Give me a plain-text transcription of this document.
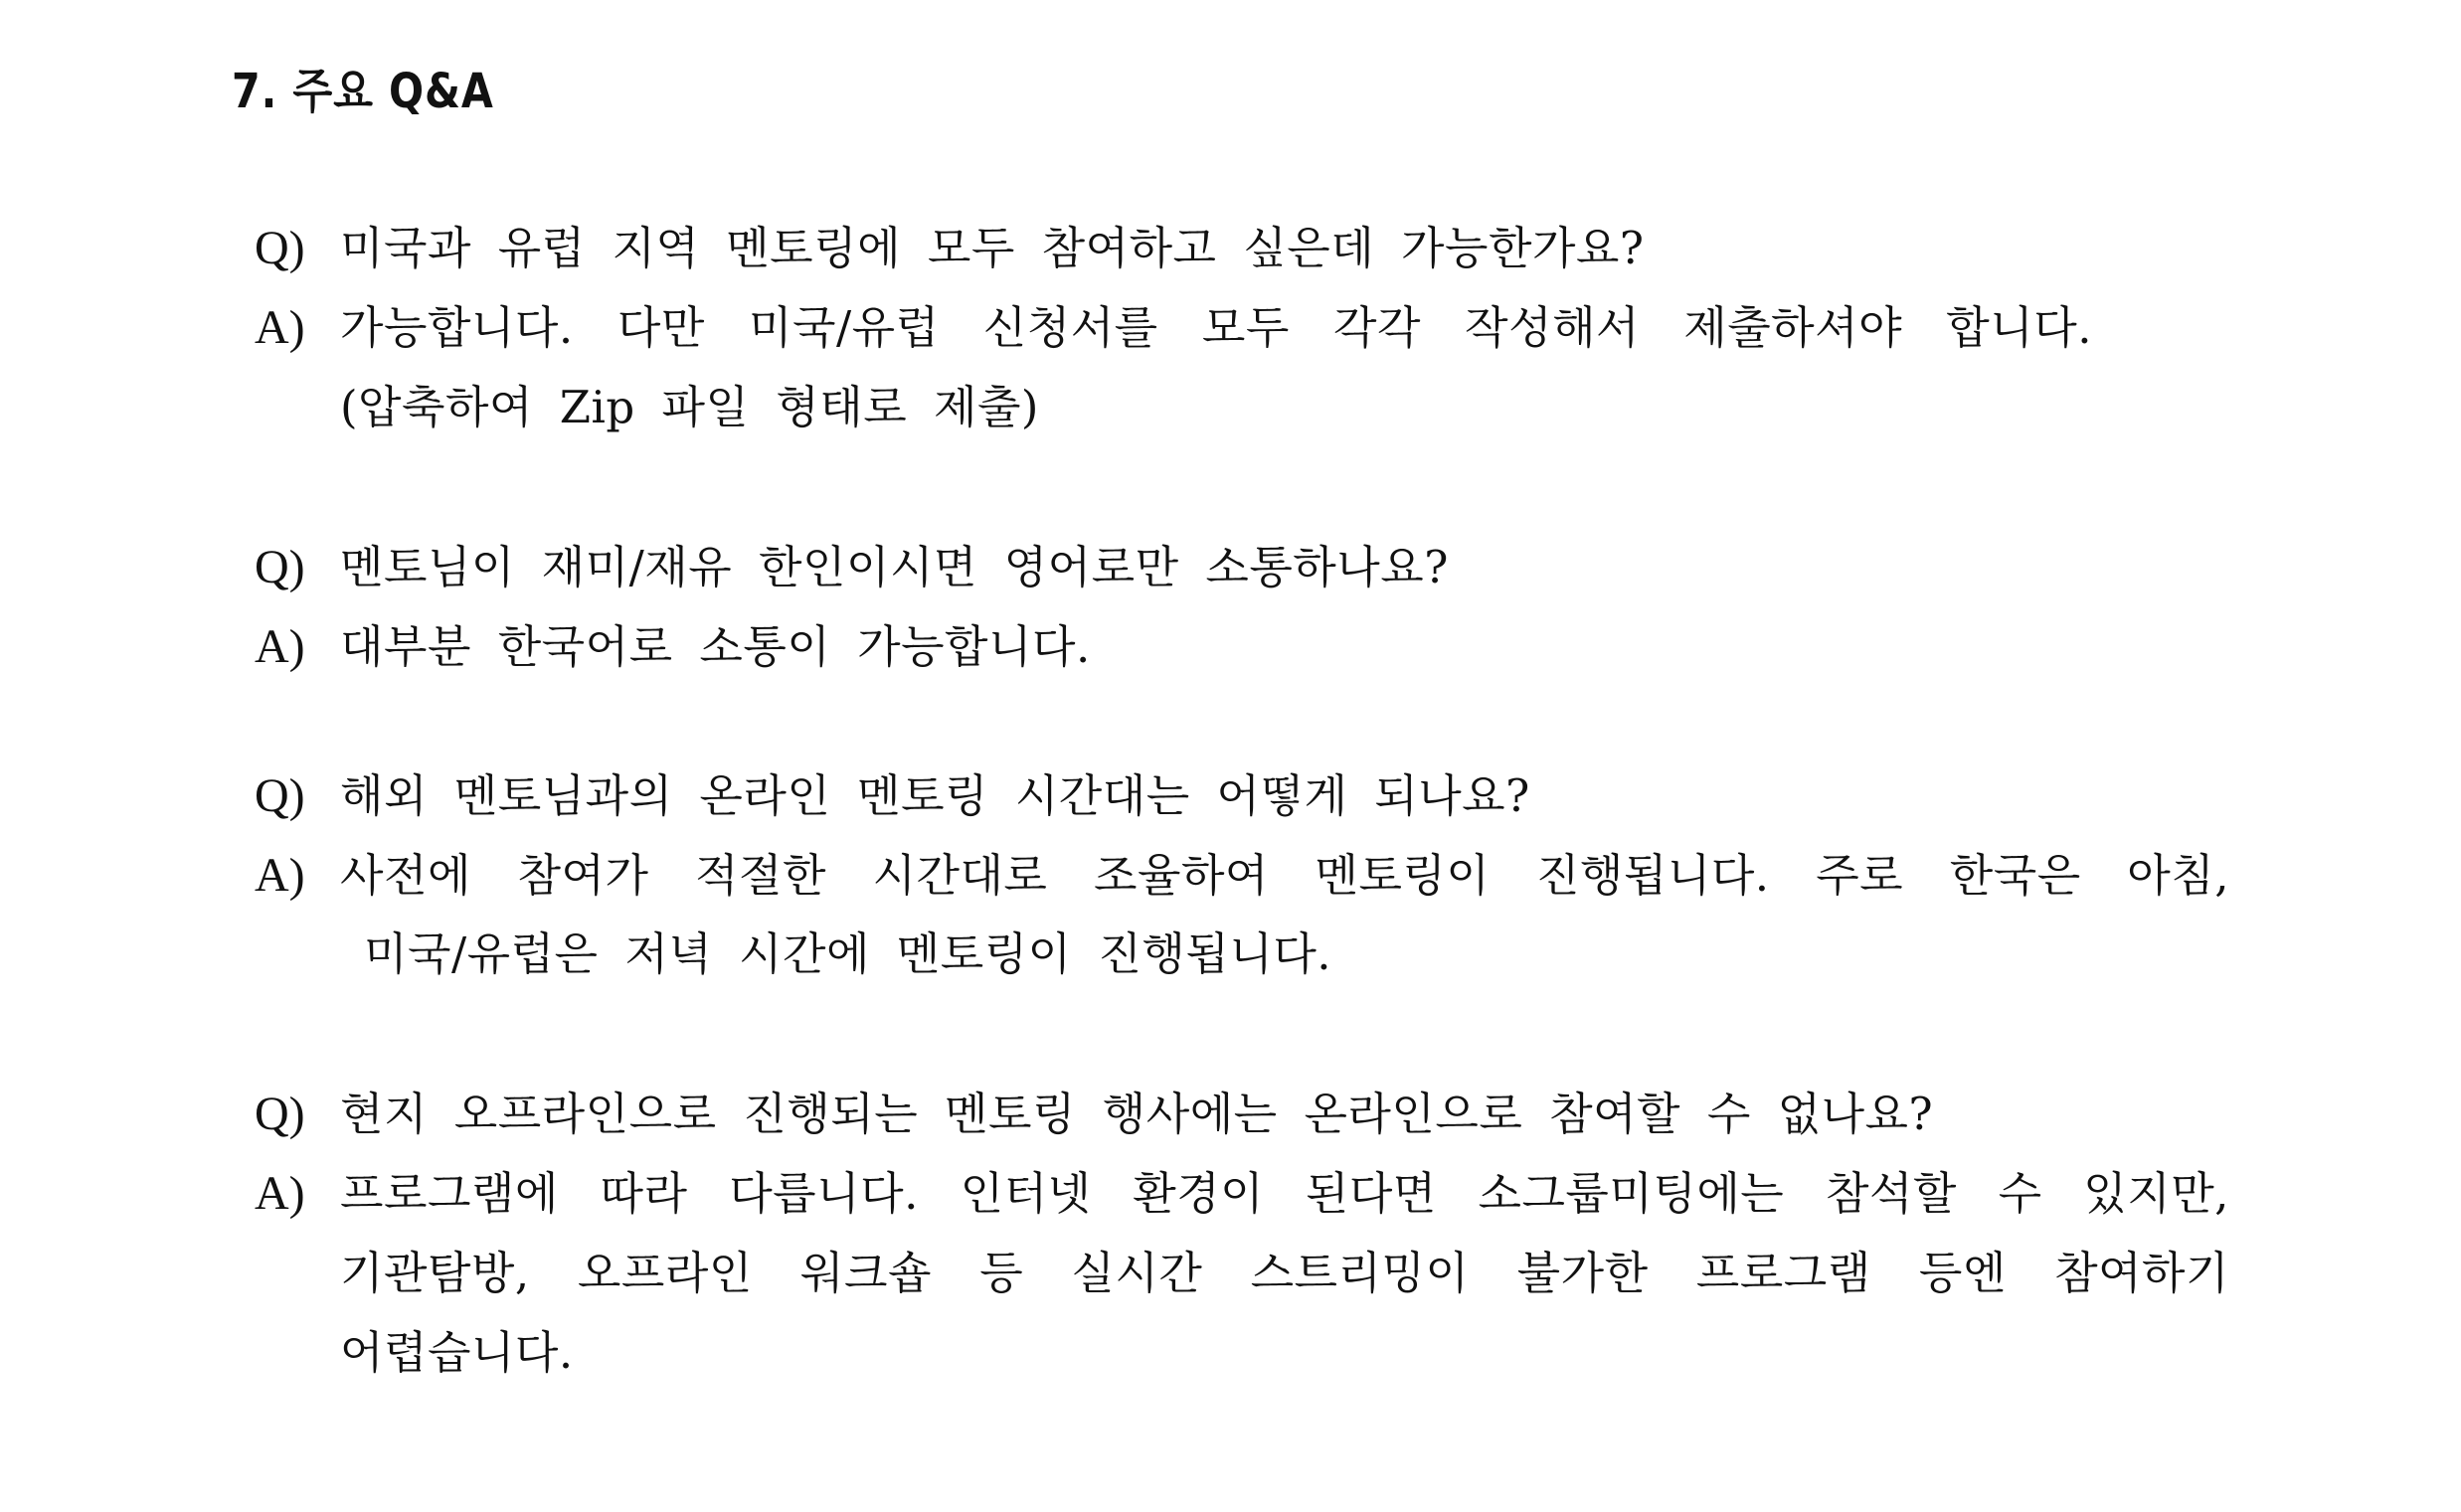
7. 주요 Q&A
Q) 미국과 유럽 지역 멘토링에 모두 참여하고 싶은데 가능한가요?
A) 가능합니다. 다만 미국/유럽 신청서를 모두 각각 작성해서 제출하셔야 합니다.
(압축하여 Zip 파일 형태로 제출)
Q) 멘토님이 재미/재유 한인이시면 영어로만 소통하나요?
A) 대부분 한국어로 소통이 가능합니다.
Q) 해외 멘토님과의 온라인 멘토링 시간대는 어떻게 되나요?
A) 사전에 참여가 적절한 시간대로 조율하여 멘토링이 진행됩니다. 주로 한국은 아침,
미국/유럽은 저녁 시간에 멘토링이 진행됩니다.
Q) 현지 오프라인으로 진행되는 멘토링 행사에는 온라인으로 참여할 수 없나요?
A) 프로그램에 따라 다릅니다. 인터넷 환경이 된다면 소그룹미팅에는 참석할 수 있지만,
기관탐방, 오프라인 워크숍 등 실시간 스트리밍이 불가한 프로그램 등엔 참여하기
어렵습니다.
